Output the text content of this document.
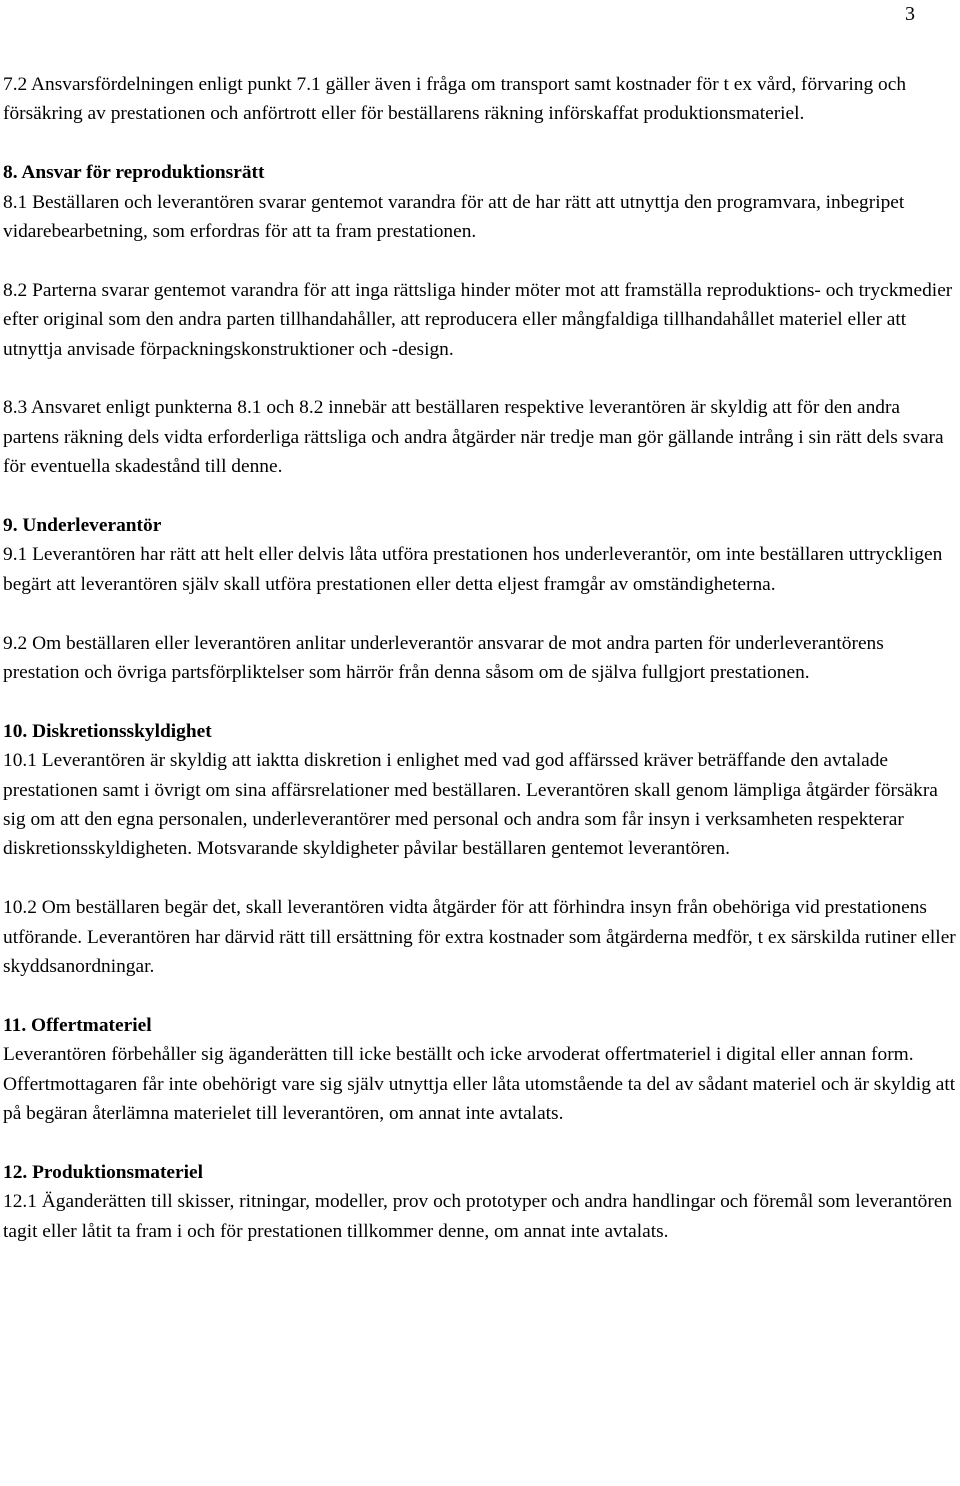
3

7.2 Ansvarsfördelningen enligt punkt 7.1 gäller även i fråga om transport samt kostnader för t ex vård, förvaring och försäkring av prestationen och anförtrott eller för beställarens räkning införskaffat produktionsmateriel.

8. Ansvar för reproduktionsrätt

8.1 Beställaren och leverantören svarar gentemot varandra för att de har rätt att utnyttja den programvara, inbegripet vidarebearbetning, som erfordras för att ta fram prestationen.

8.2 Parterna svarar gentemot varandra för att inga rättsliga hinder möter mot att framställa reproduktions- och tryckmedier efter original som den andra parten tillhandahåller, att reproducera eller mångfaldiga tillhandahållet materiel eller att utnyttja anvisade förpackningskonstruktioner och -design.

8.3 Ansvaret enligt punkterna 8.1 och 8.2 innebär att beställaren respektive leverantören är skyldig att för den andra partens räkning dels vidta erforderliga rättsliga och andra åtgärder när tredje man gör gällande intrång i sin rätt dels svara för eventuella skadestånd till denne.

9. Underleverantör

9.1 Leverantören har rätt att helt eller delvis låta utföra prestationen hos underleverantör, om inte beställaren uttryckligen begärt att leverantören själv skall utföra prestationen eller detta eljest framgår av omständigheterna.

9.2 Om beställaren eller leverantören anlitar underleverantör ansvarar de mot andra parten för underleverantörens prestation och övriga partsförpliktelser som härrör från denna såsom om de själva fullgjort prestationen.

10. Diskretionsskyldighet

10.1 Leverantören är skyldig att iaktta diskretion i enlighet med vad god affärssed kräver beträffande den avtalade prestationen samt i övrigt om sina affärsrelationer med beställaren. Leverantören skall genom lämpliga åtgärder försäkra sig om att den egna personalen, underleverantörer med personal och andra som får insyn i verksamheten respekterar diskretionsskyldigheten. Motsvarande skyldigheter påvilar beställaren gentemot leverantören.

10.2 Om beställaren begär det, skall leverantören vidta åtgärder för att förhindra insyn från obehöriga vid prestationens utförande. Leverantören har därvid rätt till ersättning för extra kostnader som åtgärderna medför, t ex särskilda rutiner eller skyddsanordningar.

11. Offertmateriel

Leverantören förbehåller sig äganderätten till icke beställt och icke arvoderat offertmateriel i digital eller annan form. Offertmottagaren får inte obehörigt vare sig själv utnyttja eller låta utomstående ta del av sådant materiel och är skyldig att på begäran återlämna materielet till leverantören, om annat inte avtalats.

12. Produktionsmateriel

12.1 Äganderätten till skisser, ritningar, modeller, prov och prototyper och andra handlingar och föremål som leverantören tagit eller låtit ta fram i och för prestationen tillkommer denne, om annat inte avtalats.
